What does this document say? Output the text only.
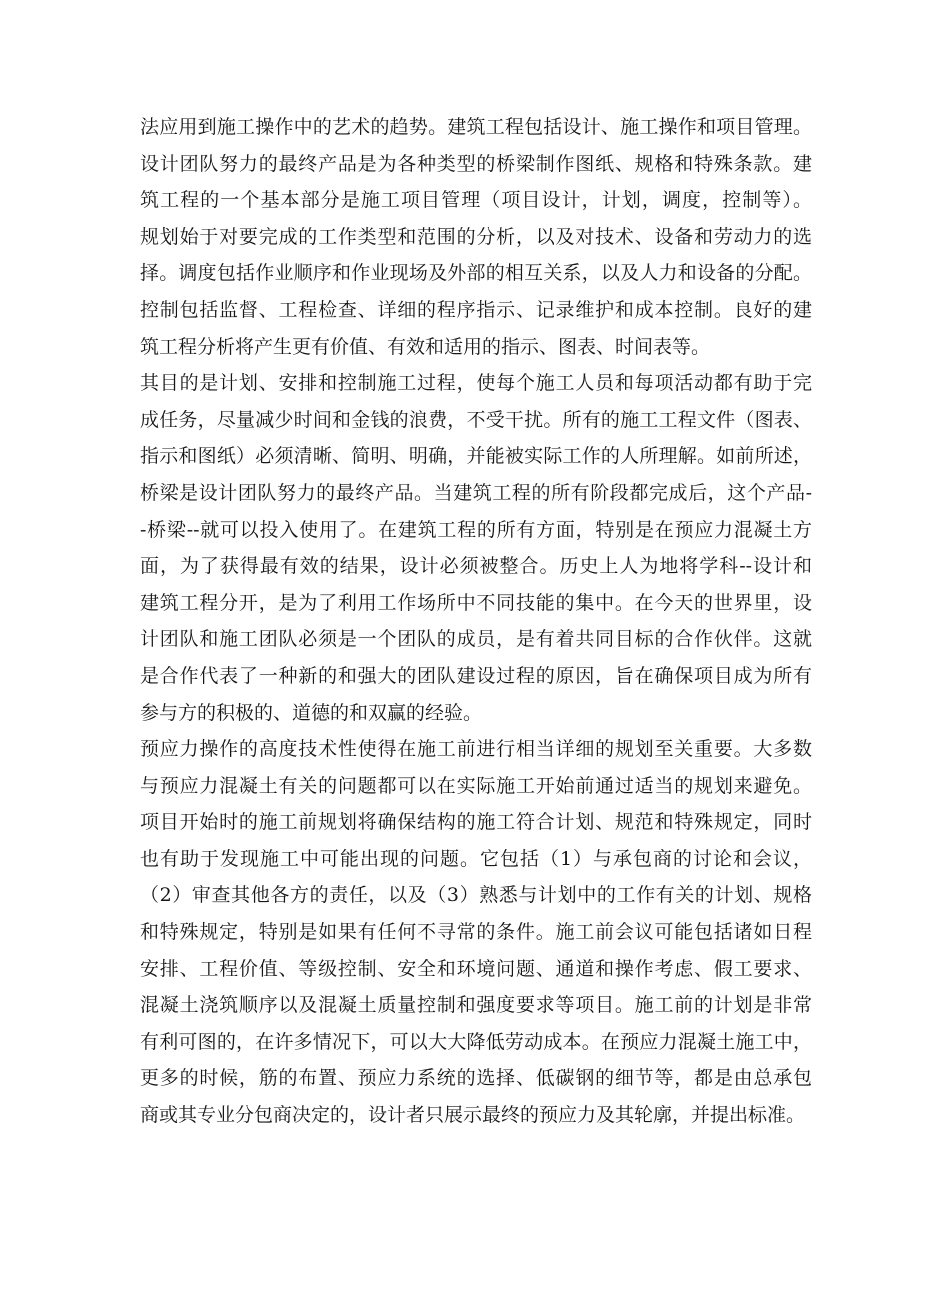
法应用到施工操作中的艺术的趋势。建筑工程包括设计、施工操作和项目管理。
设计团队努力的最终产品是为各种类型的桥梁制作图纸、规格和特殊条款。建
筑工程的一个基本部分是施工项目管理（项目设计，计划，调度，控制等）。
规划始于对要完成的工作类型和范围的分析，以及对技术、设备和劳动力的选
择。调度包括作业顺序和作业现场及外部的相互关系，以及人力和设备的分配。
控制包括监督、工程检查、详细的程序指示、记录维护和成本控制。良好的建
筑工程分析将产生更有价值、有效和适用的指示、图表、时间表等。
其目的是计划、安排和控制施工过程，使每个施工人员和每项活动都有助于完
成任务，尽量减少时间和金钱的浪费，不受干扰。所有的施工工程文件（图表、
指示和图纸）必须清晰、简明、明确，并能被实际工作的人所理解。如前所述，
桥梁是设计团队努力的最终产品。当建筑工程的所有阶段都完成后，这个产品-
-桥梁--就可以投入使用了。在建筑工程的所有方面，特别是在预应力混凝土方
面，为了获得最有效的结果，设计必须被整合。历史上人为地将学科--设计和
建筑工程分开，是为了利用工作场所中不同技能的集中。在今天的世界里，设
计团队和施工团队必须是一个团队的成员，是有着共同目标的合作伙伴。这就
是合作代表了一种新的和强大的团队建设过程的原因，旨在确保项目成为所有
参与方的积极的、道德的和双赢的经验。
预应力操作的高度技术性使得在施工前进行相当详细的规划至关重要。大多数
与预应力混凝土有关的问题都可以在实际施工开始前通过适当的规划来避免。
项目开始时的施工前规划将确保结构的施工符合计划、规范和特殊规定，同时
也有助于发现施工中可能出现的问题。它包括（1）与承包商的讨论和会议，
（2）审查其他各方的责任，以及（3）熟悉与计划中的工作有关的计划、规格
和特殊规定，特别是如果有任何不寻常的条件。施工前会议可能包括诸如日程
安排、工程价值、等级控制、安全和环境问题、通道和操作考虑、假工要求、
混凝土浇筑顺序以及混凝土质量控制和强度要求等项目。施工前的计划是非常
有利可图的，在许多情况下，可以大大降低劳动成本。在预应力混凝土施工中，
更多的时候，筋的布置、预应力系统的选择、低碳钢的细节等，都是由总承包
商或其专业分包商决定的，设计者只展示最终的预应力及其轮廓，并提出标准。
